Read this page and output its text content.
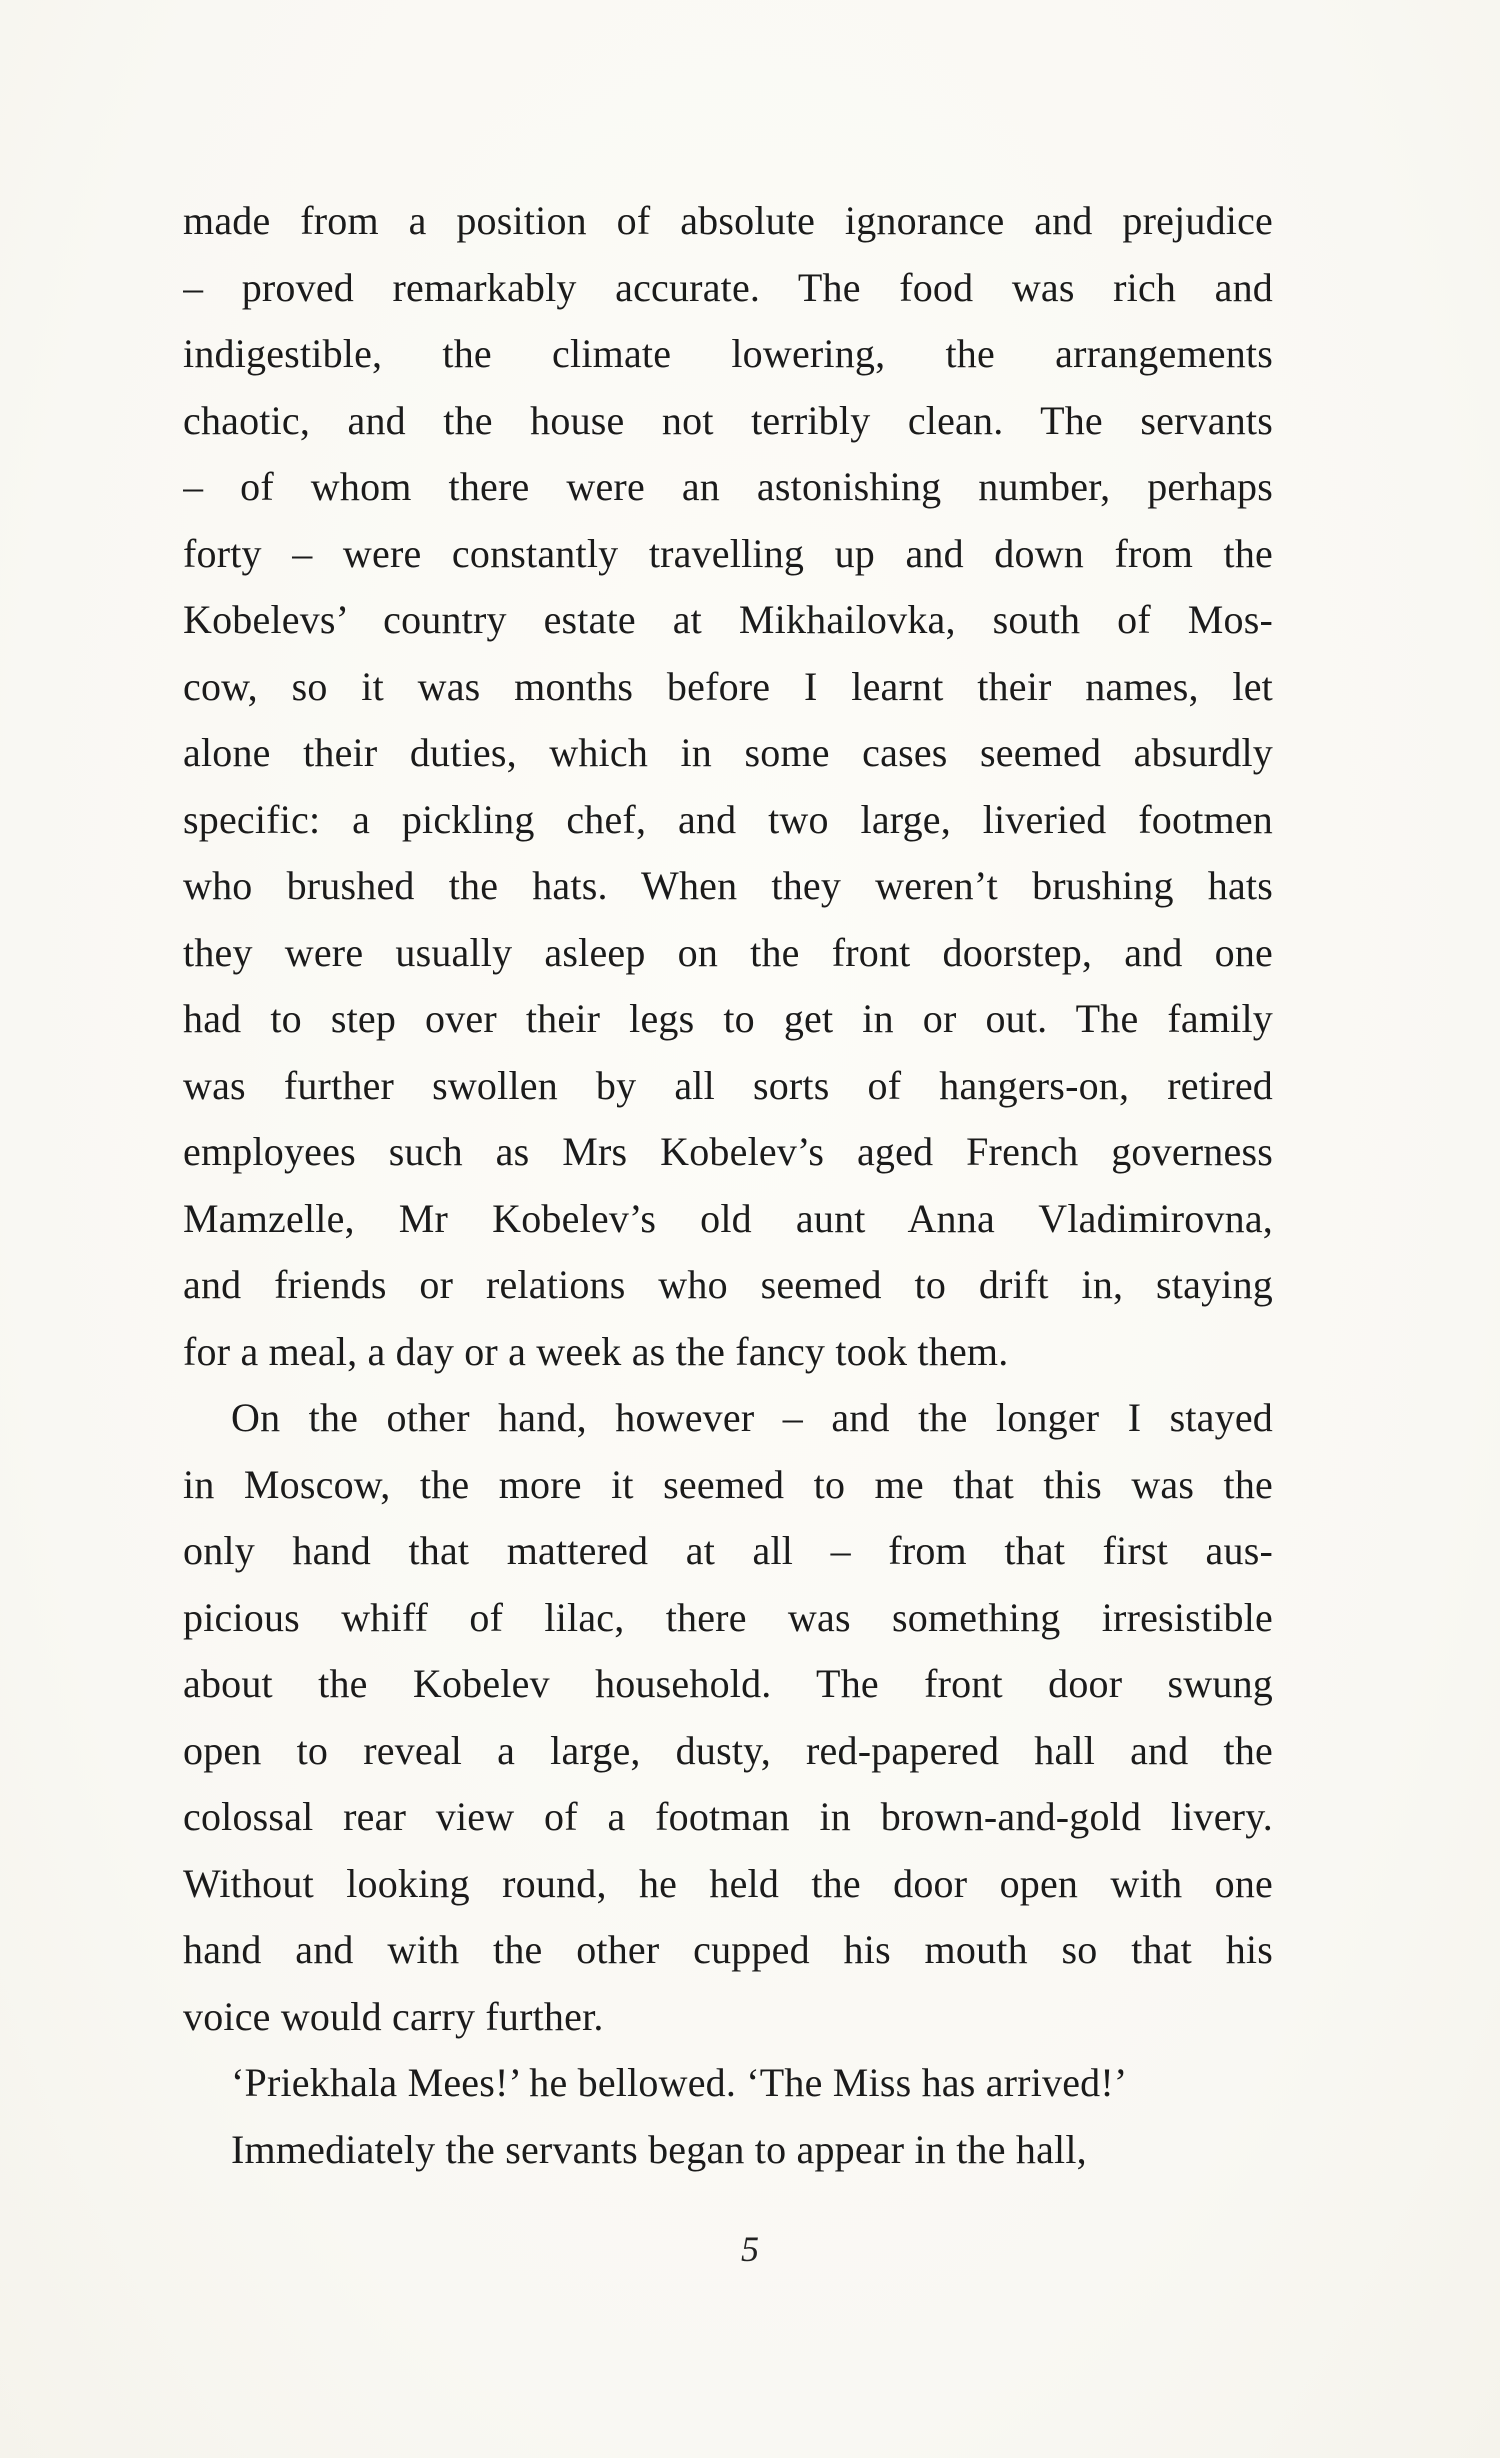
made from a position of absolute ignorance and prejudice
– proved remarkably accurate. The food was rich and
indigestible, the climate lowering, the arrangements
chaotic, and the house not terribly clean. The servants
– of whom there were an astonishing number, perhaps
forty – were constantly travelling up and down from the
Kobelevs’ country estate at Mikhailovka, south of Mos-
cow, so it was months before I learnt their names, let
alone their duties, which in some cases seemed absurdly
specific: a pickling chef, and two large, liveried footmen
who brushed the hats. When they weren’t brushing hats
they were usually asleep on the front doorstep, and one
had to step over their legs to get in or out. The family
was further swollen by all sorts of hangers-on, retired
employees such as Mrs Kobelev’s aged French governess
Mamzelle, Mr Kobelev’s old aunt Anna Vladimirovna,
and friends or relations who seemed to drift in, staying
for a meal, a day or a week as the fancy took them.
On the other hand, however – and the longer I stayed
in Moscow, the more it seemed to me that this was the
only hand that mattered at all – from that first aus-
picious whiff of lilac, there was something irresistible
about the Kobelev household. The front door swung
open to reveal a large, dusty, red-papered hall and the
colossal rear view of a footman in brown-and-gold livery.
Without looking round, he held the door open with one
hand and with the other cupped his mouth so that his
voice would carry further.
‘Priekhala Mees!’ he bellowed. ‘The Miss has arrived!’
Immediately the servants began to appear in the hall,
5
